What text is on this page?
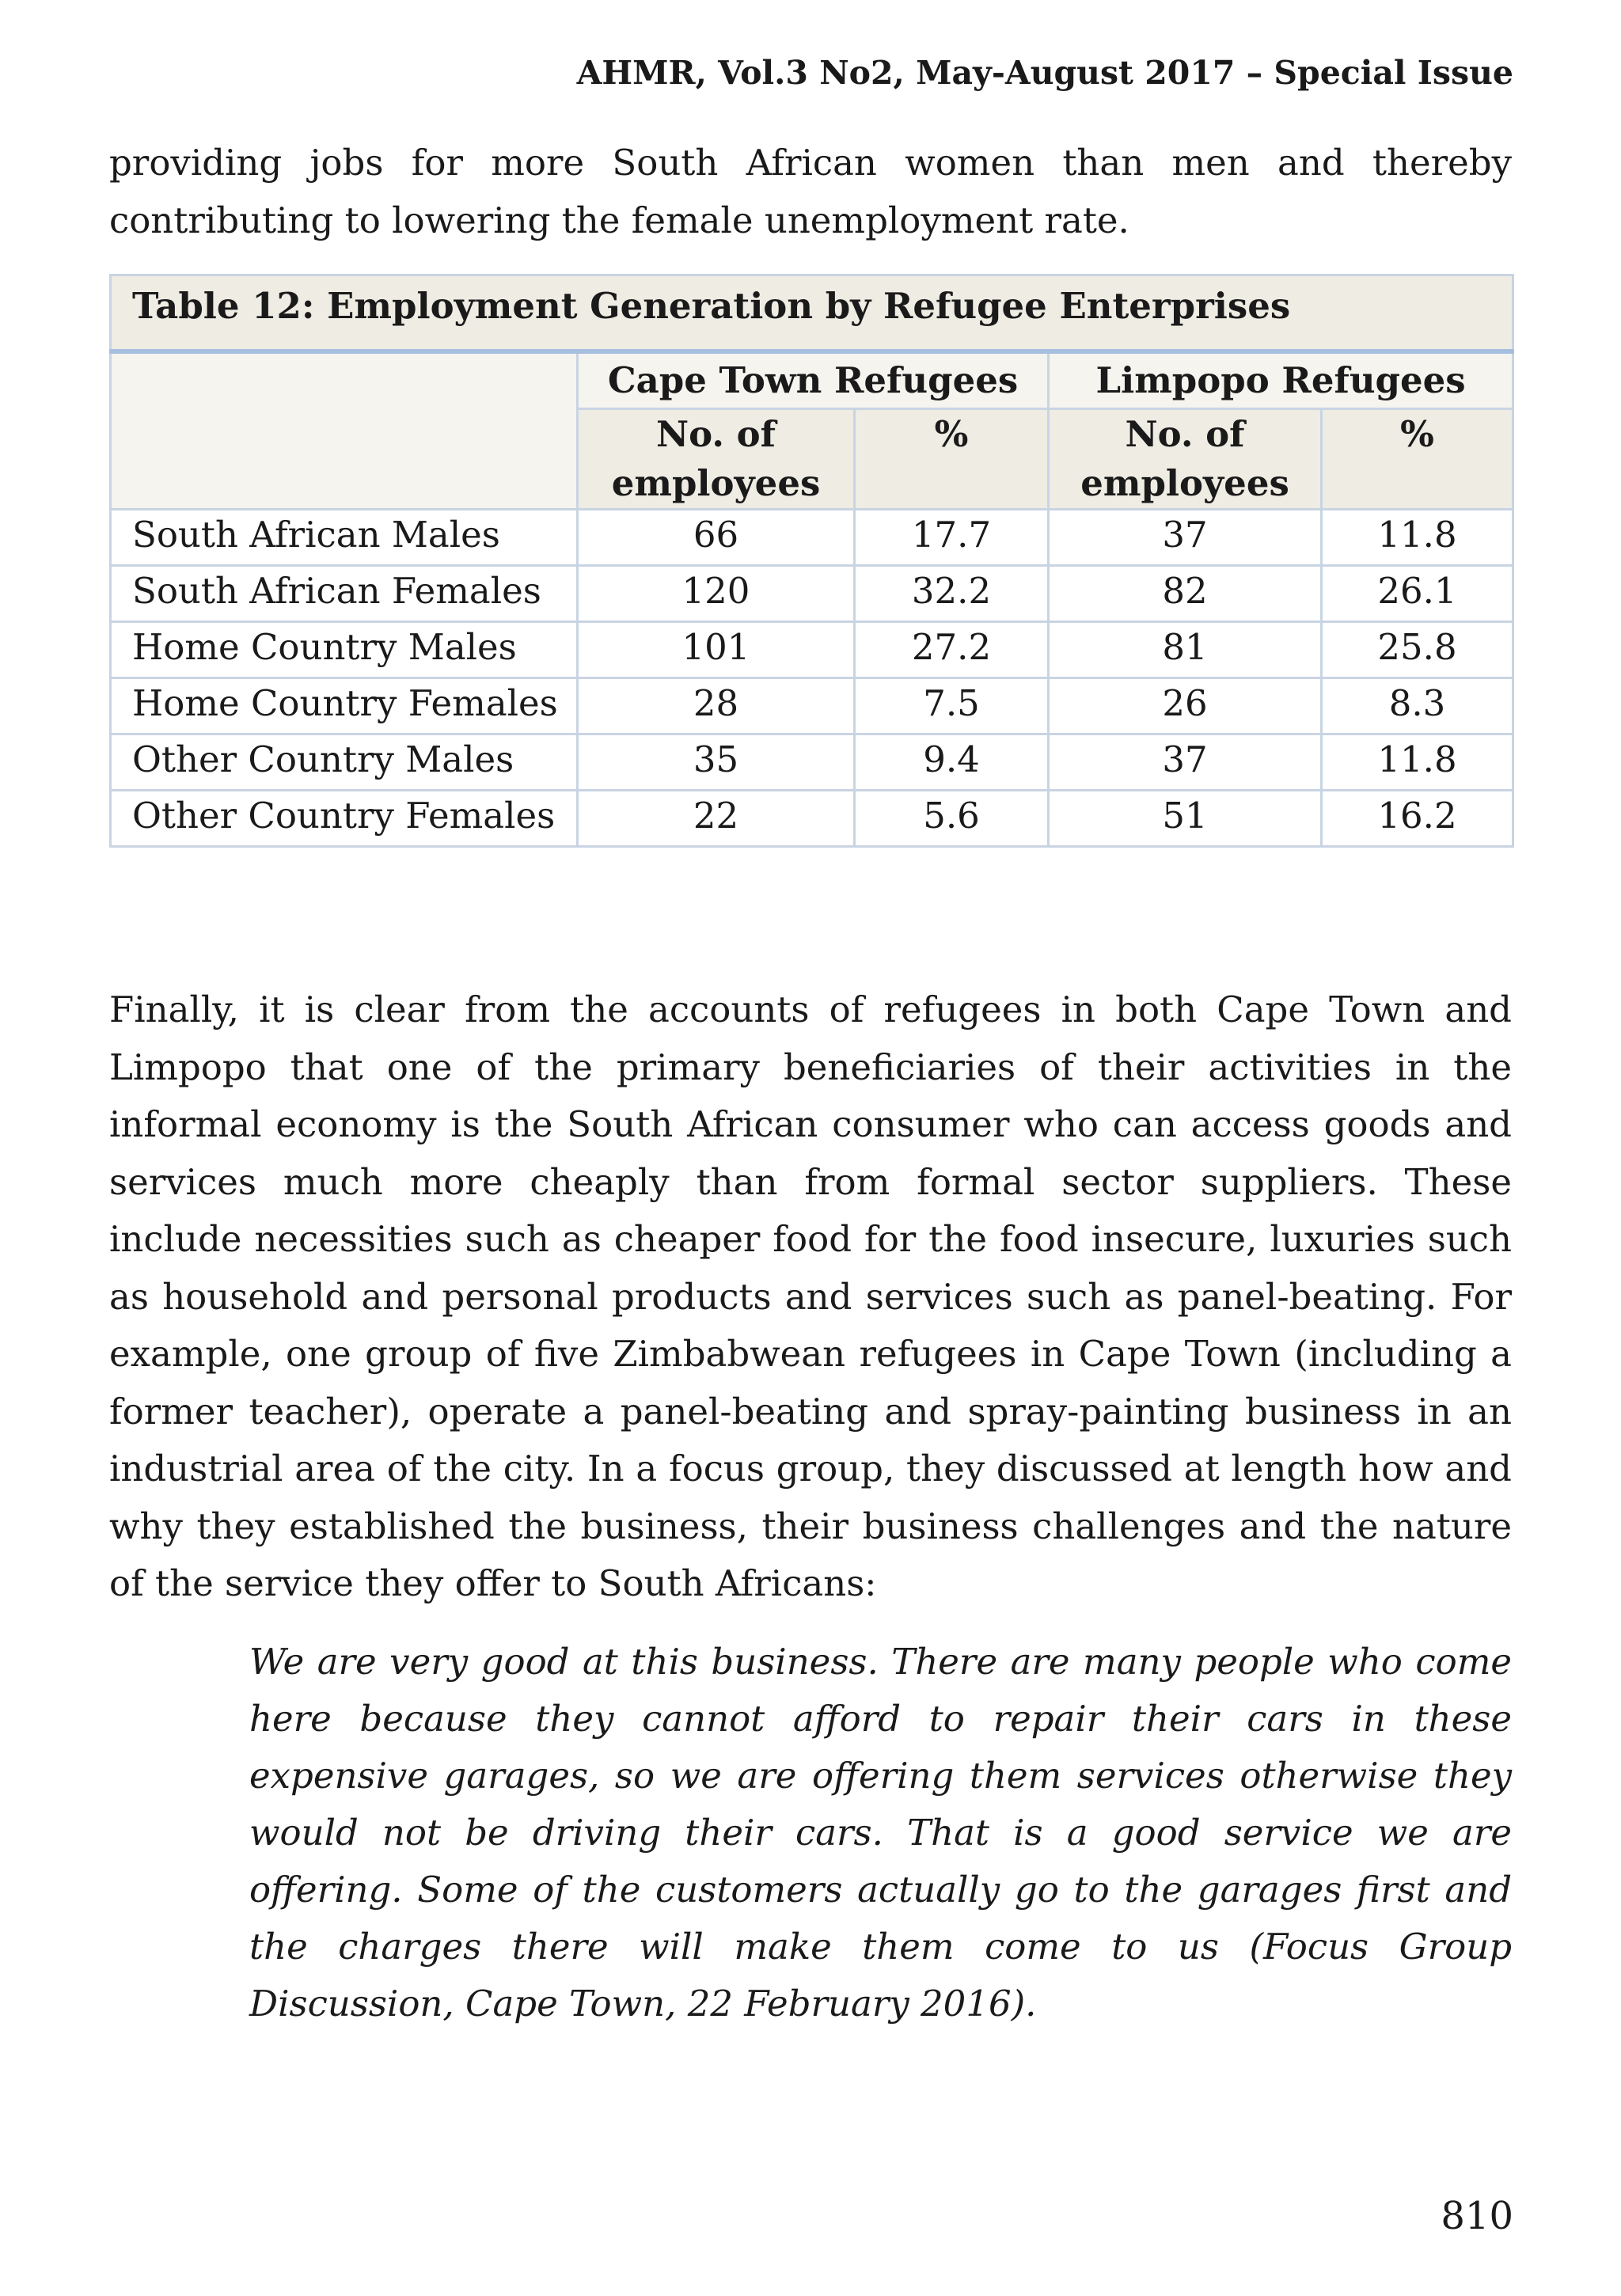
AHMR, Vol.3 No2, May-August 2017 – Special Issue

providing jobs for more South African women than men and thereby contributing to lowering the female unemployment rate.

Table 12: Employment Generation by Refugee Enterprises				
	Cape Town Refugees		Limpopo Refugees	
	No. of employees	%	No. of employees	%
South African Males	66	17.7	37	11.8
South African Females	120	32.2	82	26.1
Home Country Males	101	27.2	81	25.8
Home Country Females	28	7.5	26	8.3
Other Country Males	35	9.4	37	11.8
Other Country Females	22	5.6	51	16.2

Finally, it is clear from the accounts of refugees in both Cape Town and Limpopo that one of the primary beneficiaries of their activities in the informal economy is the South African consumer who can access goods and services much more cheaply than from formal sector suppliers. These include necessities such as cheaper food for the food insecure, luxuries such as household and personal products and services such as panel-beating. For example, one group of five Zimbabwean refugees in Cape Town (including a former teacher), operate a panel-beating and spray-painting business in an industrial area of the city. In a focus group, they discussed at length how and why they established the business, their business challenges and the nature of the service they offer to South Africans:

We are very good at this business. There are many people who come here because they cannot afford to repair their cars in these expensive garages, so we are offering them services otherwise they would not be driving their cars. That is a good service we are offering. Some of the customers actually go to the garages first and the charges there will make them come to us (Focus Group Discussion, Cape Town, 22 February 2016).

810
